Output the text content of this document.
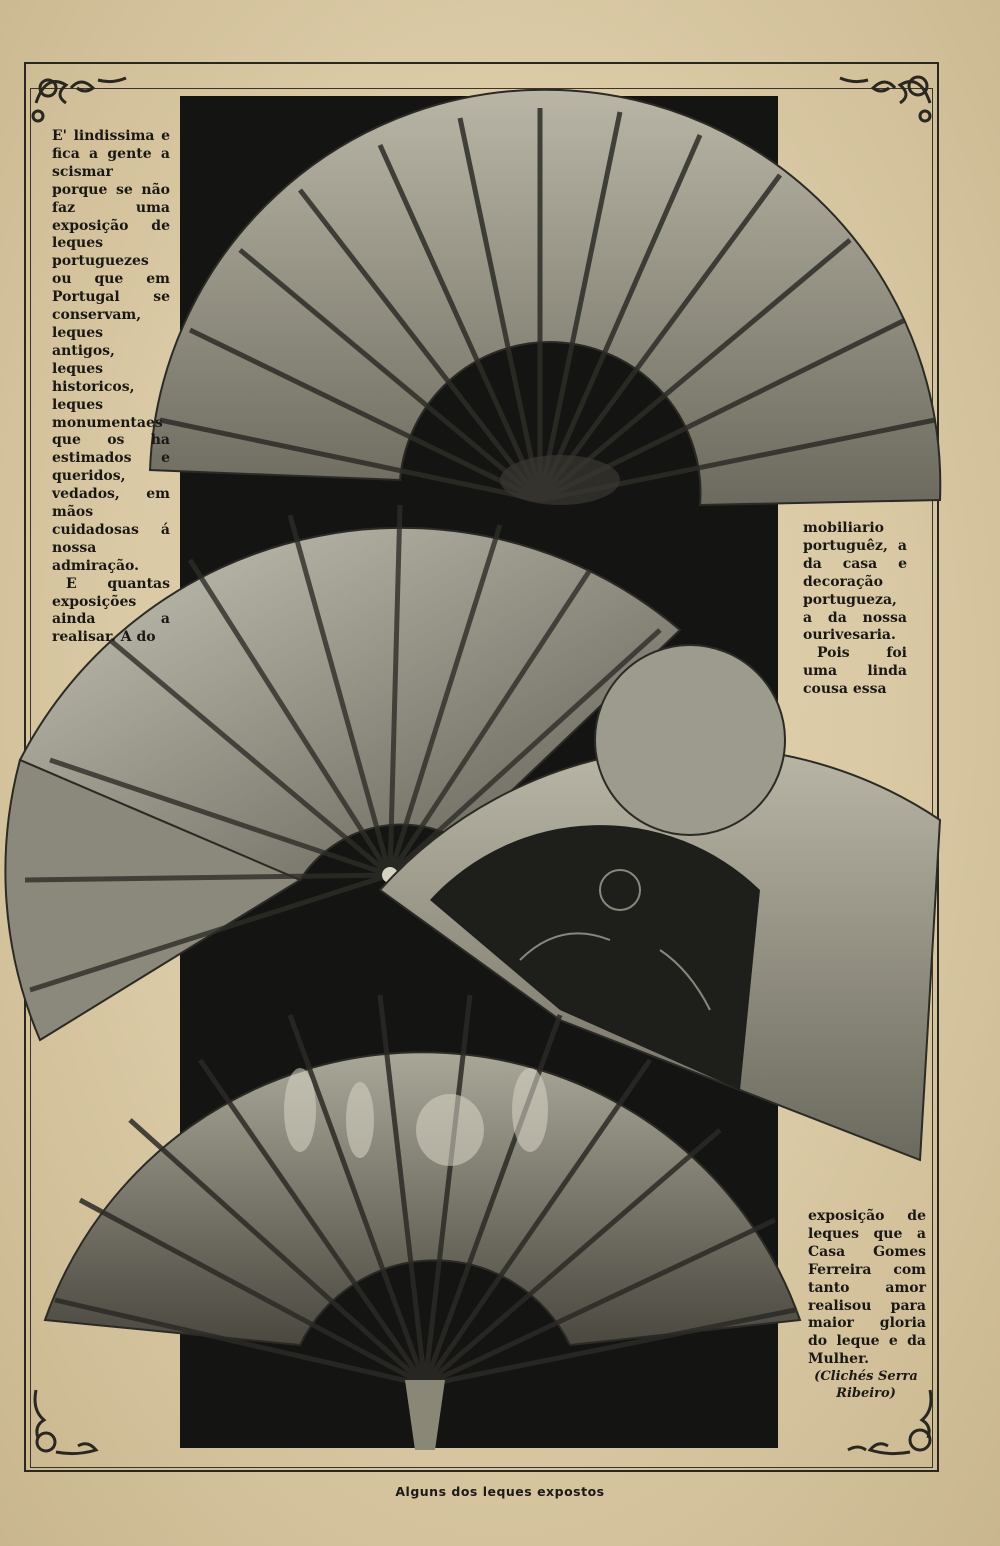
E' lindissima e fica a gente a scismar porque se não faz uma exposição de leques portuguezes ou que em Portugal se conservam, leques antigos, leques historicos, leques monumentaes que os ha estimados e queridos, vedados, em mãos cuidadosas á nossa admiração.

E quantas exposições ainda a realisar. A do

mobiliario portuguêz, a da casa e decoração portugueza, a da nossa ourivesaria.

Pois foi uma linda cousa essa

exposição de leques que a Casa Gomes Ferreira com tanto amor realisou para maior gloria do leque e da Mulher.

(Clichés Serra Ribeiro)
Alguns dos leques expostos
